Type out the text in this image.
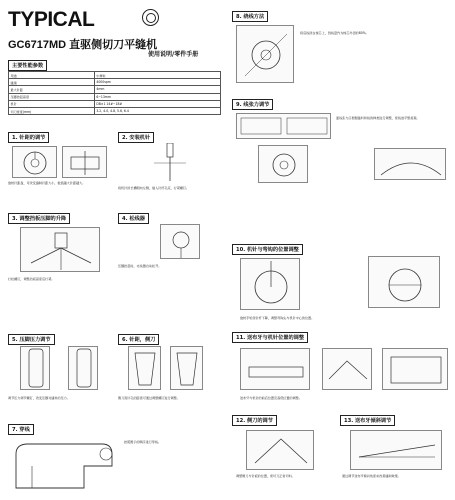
TYPICAL
GC6717MD 直驱侧切刀平缝机
使用说明/零件手册
主要性能参数
用途	中厚料
缝速	4000spm
最大针距	4mm
压脚抬起高度	6~13mm
机针	DB×1 14#~18#
切刀宽度(mm)	3.2, 4.0, 4.8, 5.6, 6.4
1. 针距的调节
旋转针距盘，可改变缝制针距大小，数值越大针距越大。
2. 安装机针
将机针的长槽朝向左侧，插入针杆孔底，拧紧螺钉。
3. 调整挡板压脚的升降
拧松螺钉，调整挡板高度后拧紧。
4. 松线器
压脚抬起时，夹线器自动松开。
5. 压脚压力调节
调节压力调节螺钉，改变压脚对缝料的压力。
6. 针距，侧刀
侧刀离针孔的距离可通过调整螺钉进行调整。
7. 穿线
按照图示的顺序进行穿线。
8. 绕线方法
将底线绕在梭芯上，绕线量约为梭芯外径的80%。
9. 线张力调节
面线张力应根据缝料和线的种类进行调整，使线迹平整美观。
10. 机针与弯钩的位置调整
旋转手轮使针杆下降，调整弯钩尖与机针中心的位置。
11. 送布牙与机针位置的调整
送布牙与机针的前后位置及高低位置的调整。
12. 侧刀的调节
调整侧刀与针板的位置，使切刀正常切料。
13. 送布牙倾斜调节
通过调节送布牙倾斜角度来改善缝制效果。
